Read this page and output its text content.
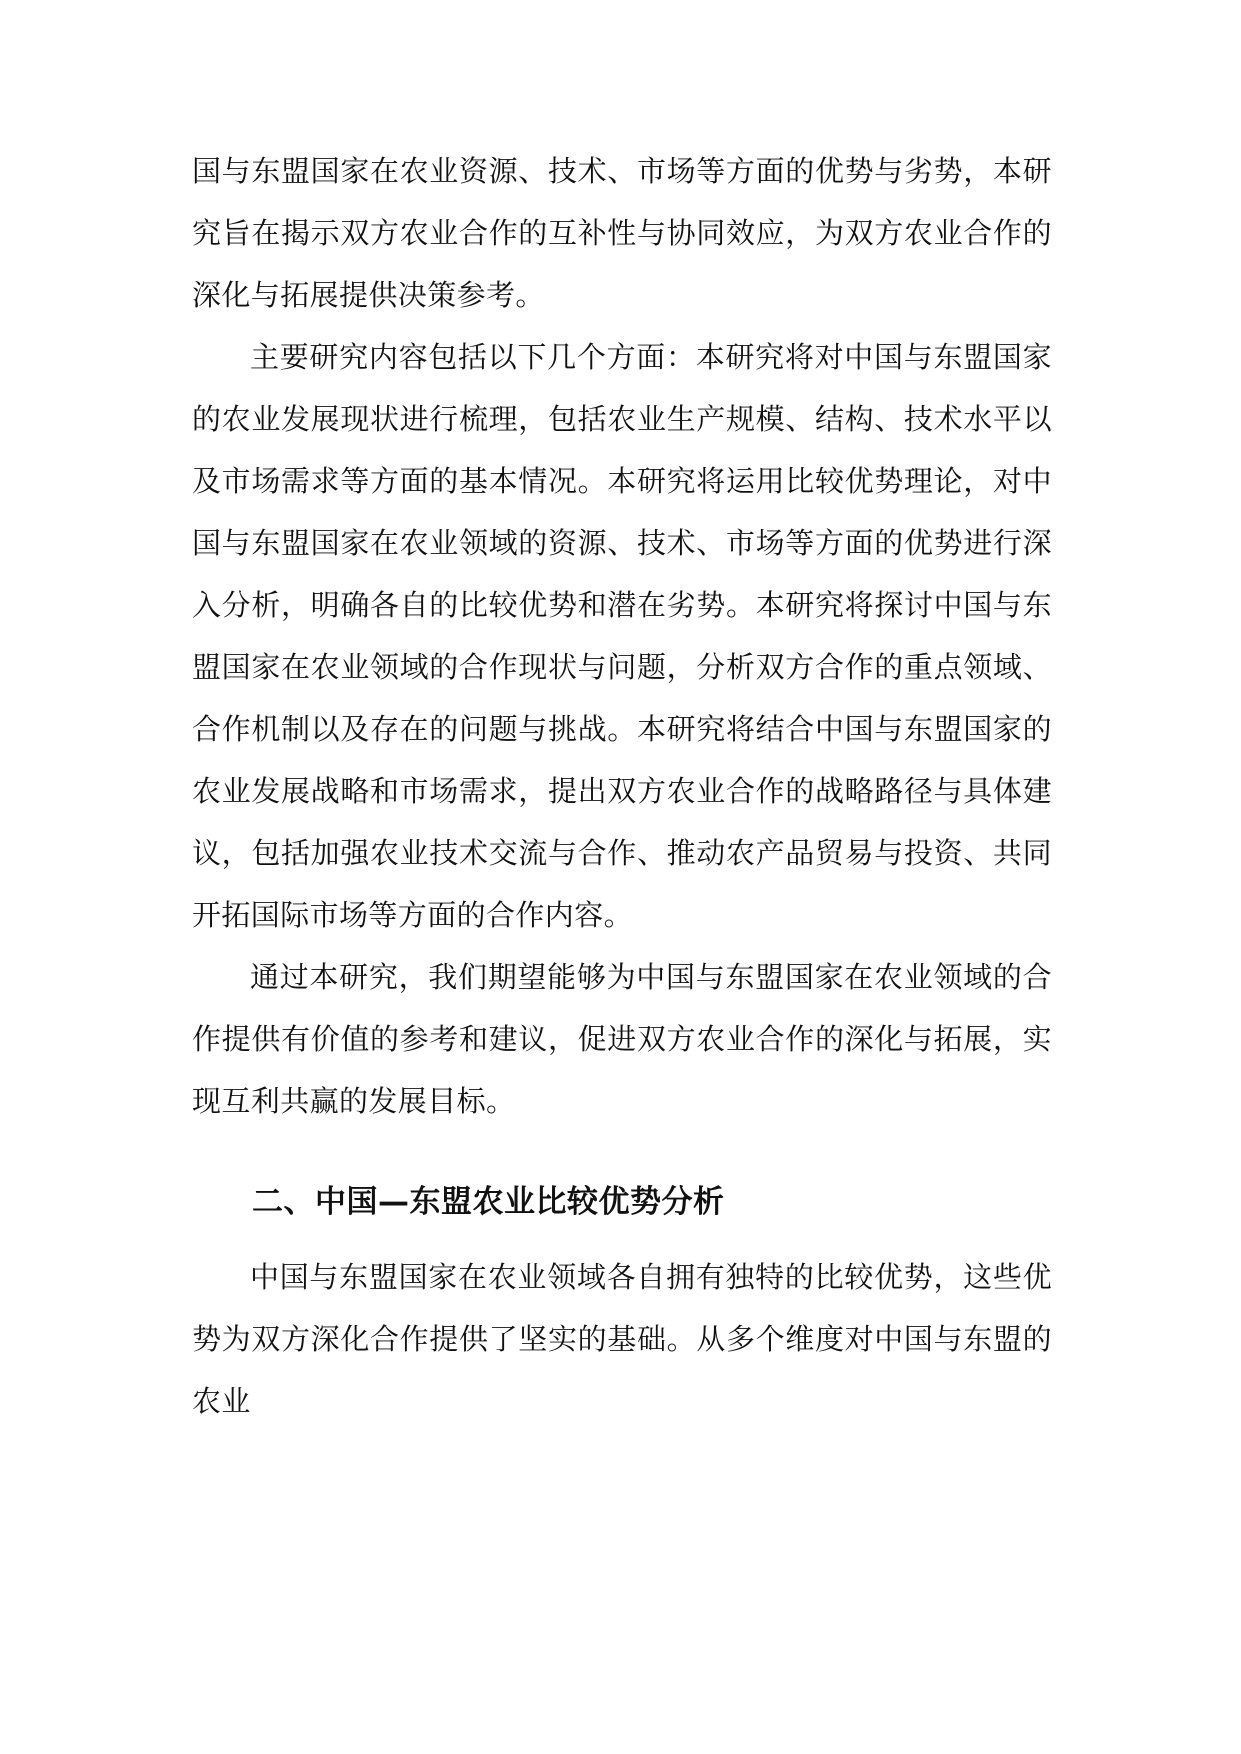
国与东盟国家在农业资源、技术、市场等方面的优势与劣势，本研究旨在揭示双方农业合作的互补性与协同效应，为双方农业合作的深化与拓展提供决策参考。

主要研究内容包括以下几个方面：本研究将对中国与东盟国家的农业发展现状进行梳理，包括农业生产规模、结构、技术水平以及市场需求等方面的基本情况。本研究将运用比较优势理论，对中国与东盟国家在农业领域的资源、技术、市场等方面的优势进行深入分析，明确各自的比较优势和潜在劣势。本研究将探讨中国与东盟国家在农业领域的合作现状与问题，分析双方合作的重点领域、合作机制以及存在的问题与挑战。本研究将结合中国与东盟国家的农业发展战略和市场需求，提出双方农业合作的战略路径与具体建议，包括加强农业技术交流与合作、推动农产品贸易与投资、共同开拓国际市场等方面的合作内容。

通过本研究，我们期望能够为中国与东盟国家在农业领域的合作提供有价值的参考和建议，促进双方农业合作的深化与拓展，实现互利共赢的发展目标。

二、中国—东盟农业比较优势分析

中国与东盟国家在农业领域各自拥有独特的比较优势，这些优势为双方深化合作提供了坚实的基础。从多个维度对中国与东盟的农业
